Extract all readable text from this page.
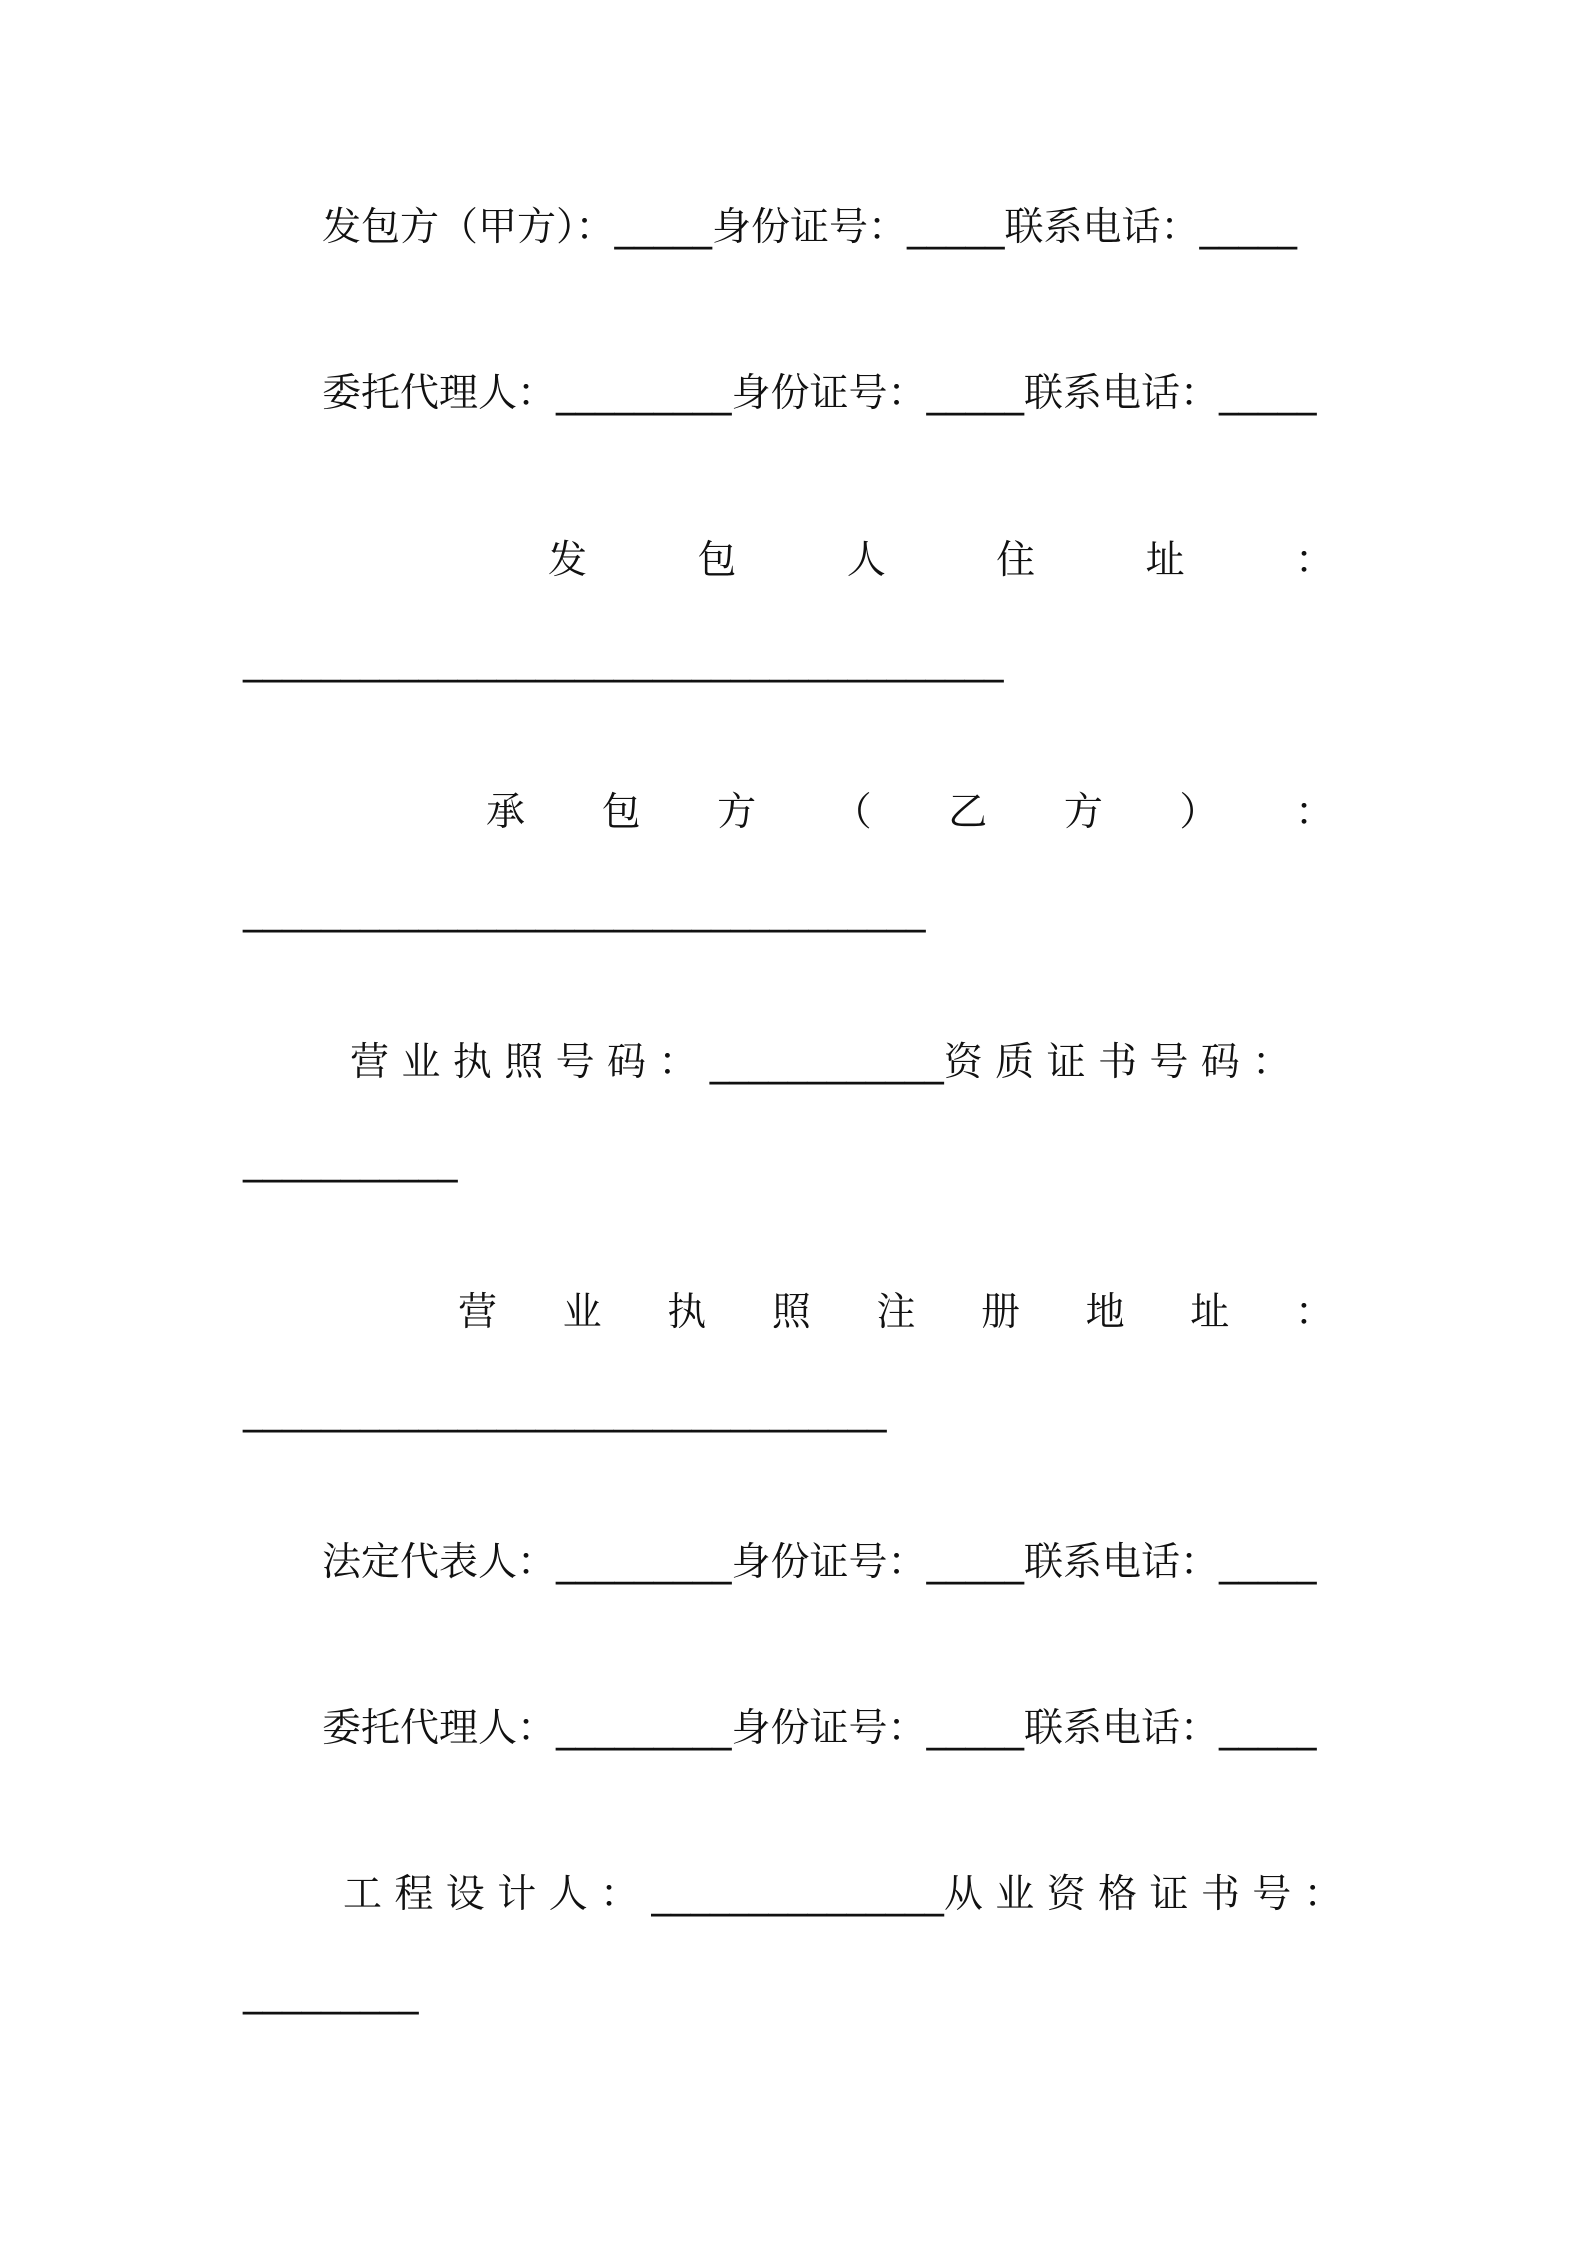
发包方（甲方）：_____身份证号：_____联系电话：_____
委托代理人：_________身份证号：_____联系电话：_____
发	包	人	住	址	：
_______________________________________
承 包 方 （ 乙 方 ） ：
___________________________________
营 业 执 照 号 码 ： ____________资 质 证 书 号 码 ：
___________
营 业 执 照 注 册 地 址 ：
_________________________________
法定代表人：_________身份证号：_____联系电话：_____
委托代理人：_________身份证号：_____联系电话：_____
工 程 设 计 人 ： _______________从 业 资 格 证 书 号 ：
_________
